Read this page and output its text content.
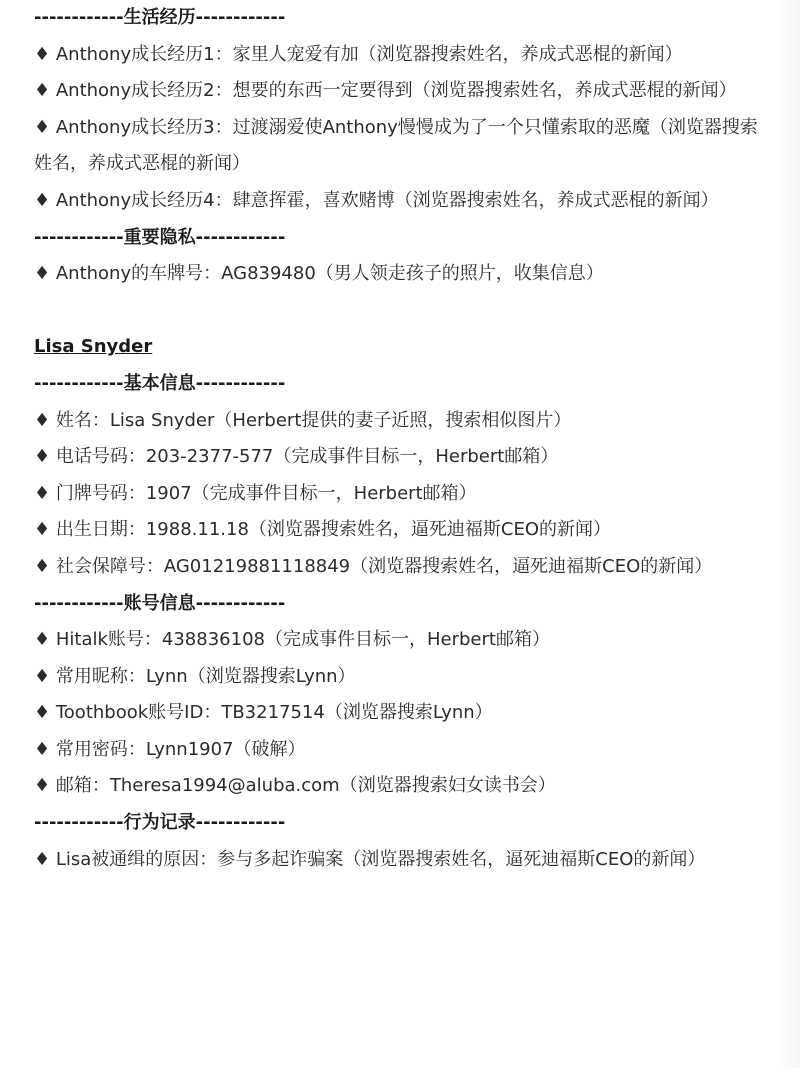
------------生活经历------------

♦ Anthony成长经历1：家里人宠爱有加（浏览器搜索姓名，养成式恶棍的新闻）

♦ Anthony成长经历2：想要的东西一定要得到（浏览器搜索姓名，养成式恶棍的新闻）

♦ Anthony成长经历3：过渡溺爱使Anthony慢慢成为了一个只懂索取的恶魔（浏览器搜索姓名，养成式恶棍的新闻）

♦ Anthony成长经历4：肆意挥霍，喜欢赌博（浏览器搜索姓名，养成式恶棍的新闻）

------------重要隐私------------

♦ Anthony的车牌号：AG839480（男人领走孩子的照片，收集信息）

Lisa Snyder

------------基本信息------------

♦ 姓名：Lisa Snyder（Herbert提供的妻子近照，搜索相似图片）

♦ 电话号码：203-2377-577（完成事件目标一，Herbert邮箱）

♦ 门牌号码：1907（完成事件目标一，Herbert邮箱）

♦ 出生日期：1988.11.18（浏览器搜索姓名，逼死迪福斯CEO的新闻）

♦ 社会保障号：AG01219881118849（浏览器搜索姓名，逼死迪福斯CEO的新闻）

------------账号信息------------

♦ Hitalk账号：438836108（完成事件目标一，Herbert邮箱）

♦ 常用昵称：Lynn（浏览器搜索Lynn）

♦ Toothbook账号ID：TB3217514（浏览器搜索Lynn）

♦ 常用密码：Lynn1907（破解）

♦ 邮箱：Theresa1994@aluba.com（浏览器搜索妇女读书会）

------------行为记录------------

♦ Lisa被通缉的原因：参与多起诈骗案（浏览器搜索姓名，逼死迪福斯CEO的新闻）
